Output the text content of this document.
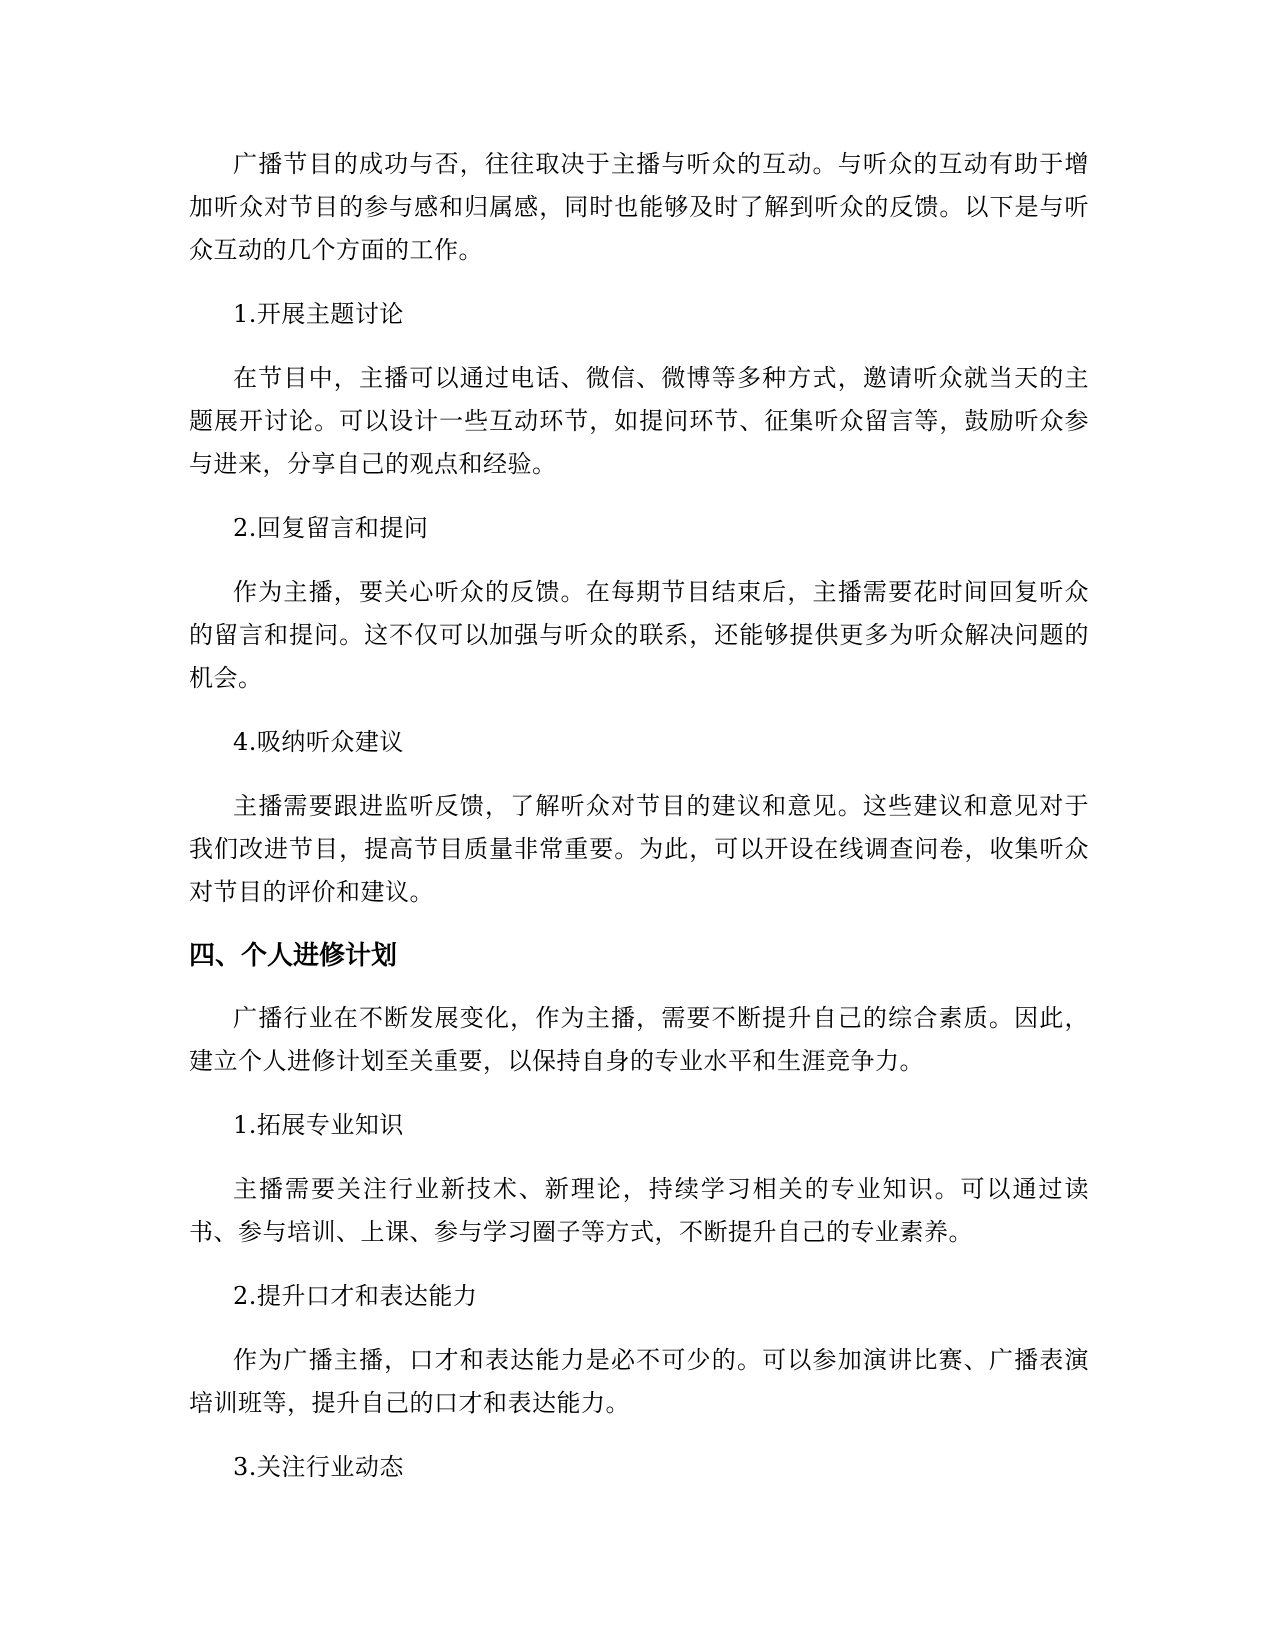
广播节目的成功与否，往往取决于主播与听众的互动。与听众的互动有助于增加听众对节目的参与感和归属感，同时也能够及时了解到听众的反馈。以下是与听众互动的几个方面的工作。

1.开展主题讨论

在节目中，主播可以通过电话、微信、微博等多种方式，邀请听众就当天的主题展开讨论。可以设计一些互动环节，如提问环节、征集听众留言等，鼓励听众参与进来，分享自己的观点和经验。

2.回复留言和提问

作为主播，要关心听众的反馈。在每期节目结束后，主播需要花时间回复听众的留言和提问。这不仅可以加强与听众的联系，还能够提供更多为听众解决问题的机会。

4.吸纳听众建议

主播需要跟进监听反馈，了解听众对节目的建议和意见。这些建议和意见对于我们改进节目，提高节目质量非常重要。为此，可以开设在线调查问卷，收集听众对节目的评价和建议。

四、个人进修计划

广播行业在不断发展变化，作为主播，需要不断提升自己的综合素质。因此，建立个人进修计划至关重要，以保持自身的专业水平和生涯竞争力。

1.拓展专业知识

主播需要关注行业新技术、新理论，持续学习相关的专业知识。可以通过读书、参与培训、上课、参与学习圈子等方式，不断提升自己的专业素养。

2.提升口才和表达能力

作为广播主播，口才和表达能力是必不可少的。可以参加演讲比赛、广播表演培训班等，提升自己的口才和表达能力。

3.关注行业动态
